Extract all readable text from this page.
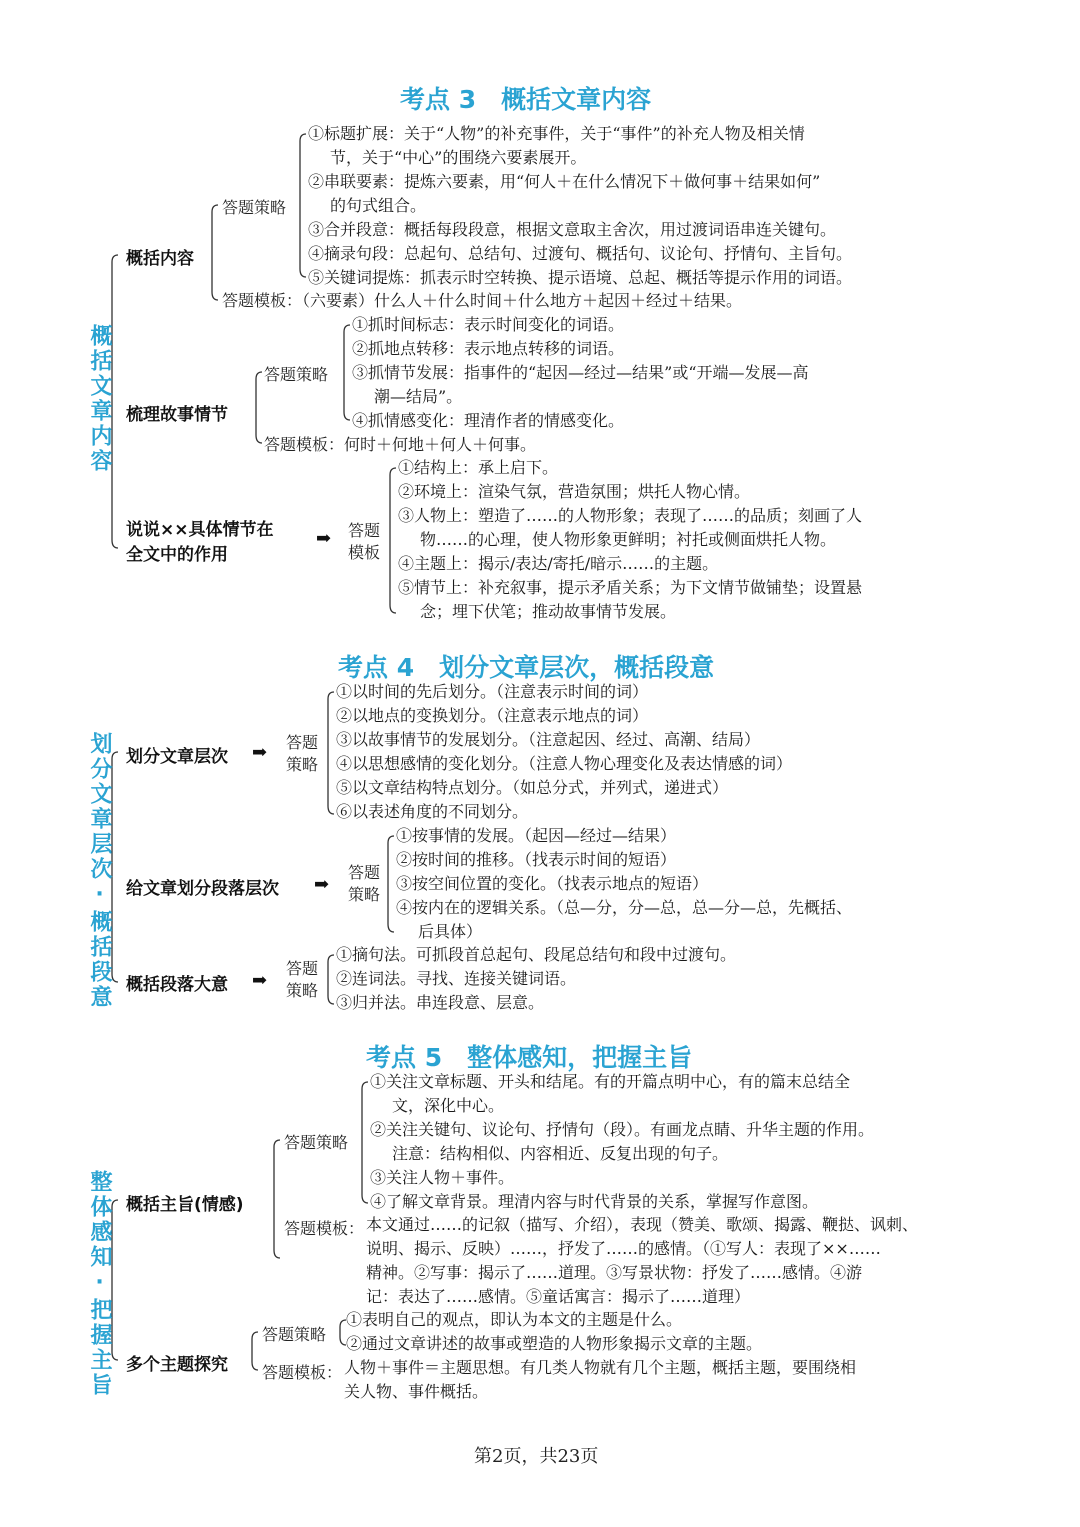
考点 3　概括文章内容
概括文章内容
概括内容
答题策略
①标题扩展：关于“人物”的补充事件，关于“事件”的补充人物及相关情
节，关于“中心”的围绕六要素展开。
②串联要素：提炼六要素，用“何人＋在什么情况下＋做何事＋结果如何”
的句式组合。
③合并段意：概括每段段意，根据文意取主舍次，用过渡词语串连关键句。
④摘录句段：总起句、总结句、过渡句、概括句、议论句、抒情句、主旨句。
⑤关键词提炼：抓表示时空转换、提示语境、总起、概括等提示作用的词语。
答题模板：（六要素）什么人＋什么时间＋什么地方＋起因＋经过＋结果。
梳理故事情节
答题策略
①抓时间标志：表示时间变化的词语。
②抓地点转移：表示地点转移的词语。
③抓情节发展：指事件的“起因—经过—结果”或“开端—发展—高
潮—结局”。
④抓情感变化：理清作者的情感变化。
答题模板：何时＋何地＋何人＋何事。
说说××具体情节在
全文中的作用
➡ 答题模板
①结构上：承上启下。
②环境上：渲染气氛，营造氛围；烘托人物心情。
③人物上：塑造了……的人物形象；表现了……的品质；刻画了人
物……的心理，使人物形象更鲜明；衬托或侧面烘托人物。
④主题上：揭示/表达/寄托/暗示……的主题。
⑤情节上：补充叙事，提示矛盾关系；为下文情节做铺垫；设置悬
念；埋下伏笔；推动故事情节发展。
考点 4　划分文章层次，概括段意
划分文章层次·概括段意 划分文章层次 ➡ 答题策略
①以时间的先后划分。（注意表示时间的词）
②以地点的变换划分。（注意表示地点的词）
③以故事情节的发展划分。（注意起因、经过、高潮、结局）
④以思想感情的变化划分。（注意人物心理变化及表达情感的词）
⑤以文章结构特点划分。（如总分式，并列式，递进式）
⑥以表述角度的不同划分。
给文章划分段落层次 ➡
答题策略
①按事情的发展。（起因—经过—结果）
②按时间的推移。（找表示时间的短语）
③按空间位置的变化。（找表示地点的短语）
④按内在的逻辑关系。（总—分，分—总，总—分—总，先概括、
后具体）
概括段落大意 ➡
答题策略
①摘句法。可抓段首总起句、段尾总结句和段中过渡句。
②连词法。寻找、连接关键词语。
③归并法。串连段意、层意。
考点 5　整体感知，把握主旨
整体感知·把握主旨 概括主旨(情感)
答题策略
①关注文章标题、开头和结尾。有的开篇点明中心，有的篇末总结全
文，深化中心。
②关注关键句、议论句、抒情句（段）。有画龙点睛、升华主题的作用。
注意：结构相似、内容相近、反复出现的句子。
③关注人物＋事件。
④了解文章背景。理清内容与时代背景的关系，掌握写作意图。
答题模板： 本文通过……的记叙（描写、介绍），表现（赞美、歌颂、揭露、鞭挞、讽刺、
说明、揭示、反映）……，抒发了……的感情。（①写人：表现了××……
精神。②写事：揭示了……道理。③写景状物：抒发了……感情。④游
记：表达了……感情。⑤童话寓言：揭示了……道理）
多个主题探究
答题策略
①表明自己的观点，即认为本文的主题是什么。
②通过文章讲述的故事或塑造的人物形象揭示文章的主题。
答题模板： 人物＋事件＝主题思想。有几类人物就有几个主题，概括主题，要围绕相
关人物、事件概括。
第2页，共23页
